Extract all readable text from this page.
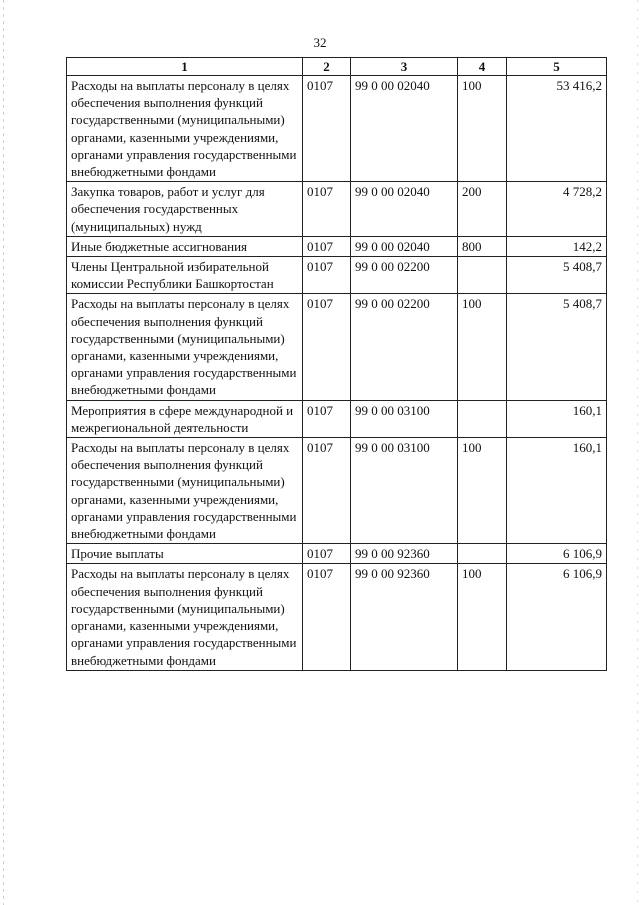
32
1	2	3	4	5
Расходы на выплаты персоналу в целях обеспечения выполнения функций государственными (муниципальными) органами, казенными учреждениями, органами управления государственными внебюджетными фондами	0107	99 0 00 02040	100	53 416,2
Закупка товаров, работ и услуг для обеспечения государственных (муниципальных) нужд	0107	99 0 00 02040	200	4 728,2
Иные бюджетные ассигнования	0107	99 0 00 02040	800	142,2
Члены Центральной избирательной комиссии Республики Башкортостан	0107	99 0 00 02200		5 408,7
Расходы на выплаты персоналу в целях обеспечения выполнения функций государственными (муниципальными) органами, казенными учреждениями, органами управления государственными внебюджетными фондами	0107	99 0 00 02200	100	5 408,7
Мероприятия в сфере международной и межрегиональной деятельности	0107	99 0 00 03100		160,1
Расходы на выплаты персоналу в целях обеспечения выполнения функций государственными (муниципальными) органами, казенными учреждениями, органами управления государственными внебюджетными фондами	0107	99 0 00 03100	100	160,1
Прочие выплаты	0107	99 0 00 92360		6 106,9
Расходы на выплаты персоналу в целях обеспечения выполнения функций государственными (муниципальными) органами, казенными учреждениями, органами управления государственными внебюджетными фондами	0107	99 0 00 92360	100	6 106,9
